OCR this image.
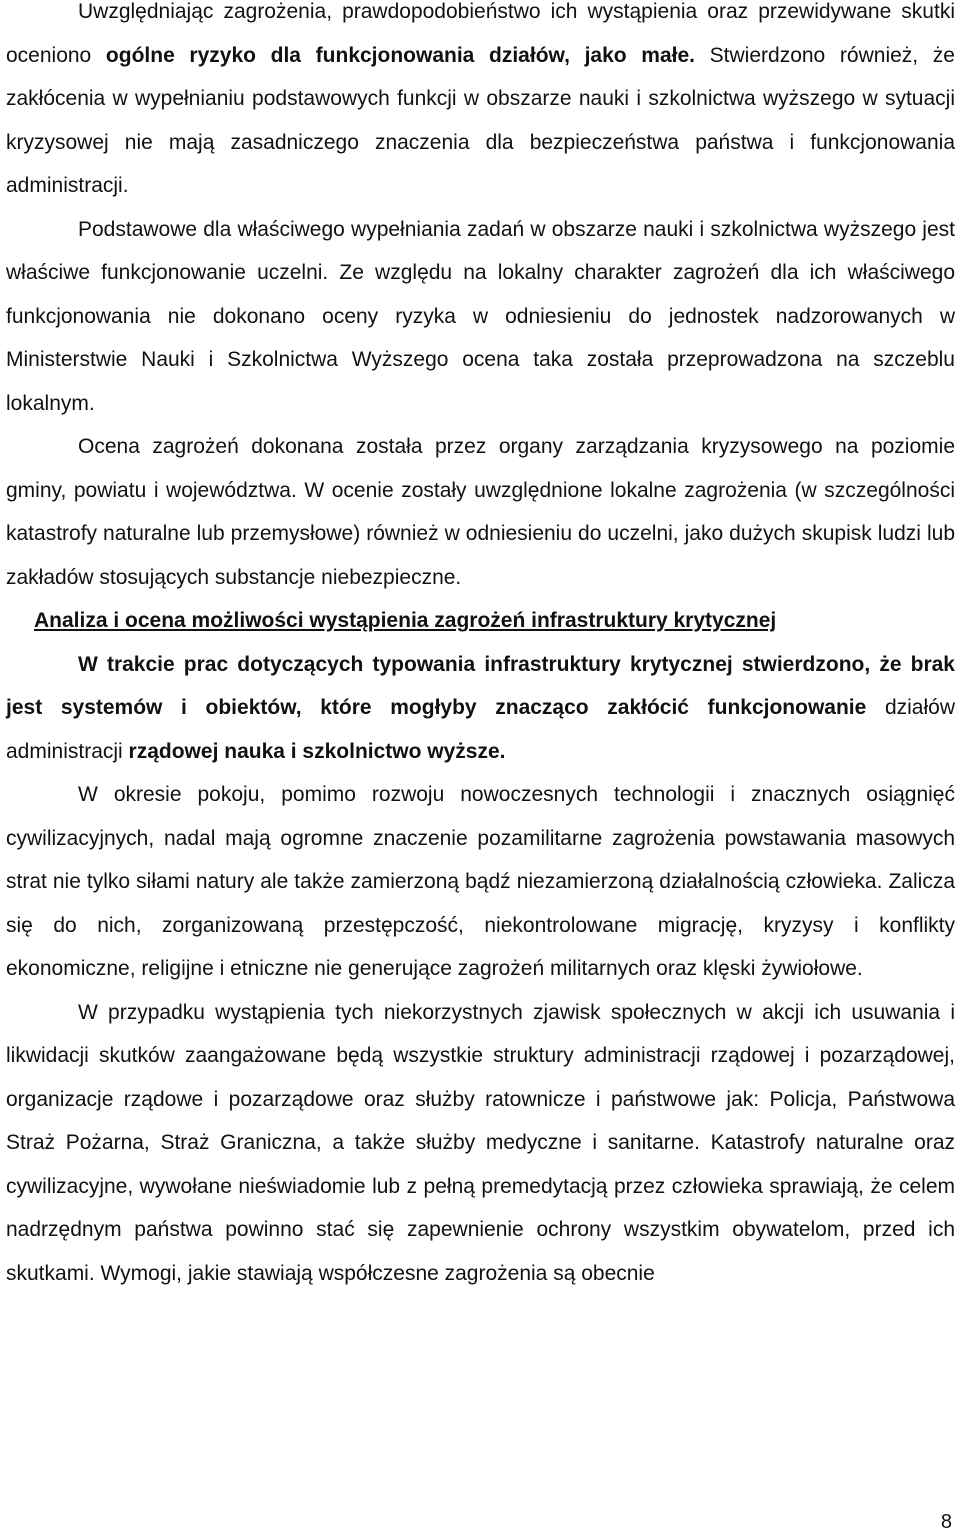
Uwzględniając zagrożenia, prawdopodobieństwo ich wystąpienia oraz przewidywane skutki oceniono ogólne ryzyko dla funkcjonowania działów, jako małe. Stwierdzono również, że zakłócenia w wypełnianiu podstawowych funkcji w obszarze nauki i szkolnictwa wyższego w sytuacji kryzysowej nie mają zasadniczego znaczenia dla bezpieczeństwa państwa i funkcjonowania administracji.

Podstawowe dla właściwego wypełniania zadań w obszarze nauki i szkolnictwa wyższego jest właściwe funkcjonowanie uczelni. Ze względu na lokalny charakter zagrożeń dla ich właściwego funkcjonowania nie dokonano oceny ryzyka w odniesieniu do jednostek nadzorowanych w Ministerstwie Nauki i Szkolnictwa Wyższego ocena taka została przeprowadzona na szczeblu lokalnym.

Ocena zagrożeń dokonana została przez organy zarządzania kryzysowego na poziomie gminy, powiatu i województwa. W ocenie zostały uwzględnione lokalne zagrożenia (w szczególności katastrofy naturalne lub przemysłowe) również w odniesieniu do uczelni, jako dużych skupisk ludzi lub zakładów stosujących substancje niebezpieczne.

Analiza i ocena możliwości wystąpienia zagrożeń infrastruktury krytycznej

W trakcie prac dotyczących typowania infrastruktury krytycznej stwierdzono, że brak jest systemów i obiektów, które mogłyby znacząco zakłócić funkcjonowanie działów administracji rządowej nauka i szkolnictwo wyższe.

W okresie pokoju, pomimo rozwoju nowoczesnych technologii i znacznych osiągnięć cywilizacyjnych, nadal mają ogromne znaczenie pozamilitarne zagrożenia powstawania masowych strat nie tylko siłami natury ale także zamierzoną bądź niezamierzoną działalnością człowieka. Zalicza się do nich, zorganizowaną przestępczość, niekontrolowane migrację, kryzysy i konflikty ekonomiczne, religijne i etniczne nie generujące zagrożeń militarnych oraz klęski żywiołowe.

W przypadku wystąpienia tych niekorzystnych zjawisk społecznych w akcji ich usuwania i likwidacji skutków zaangażowane będą wszystkie struktury administracji rządowej i pozarządowej, organizacje rządowe i pozarządowe oraz służby ratownicze i państwowe jak: Policja, Państwowa Straż Pożarna, Straż Graniczna, a także służby medyczne i sanitarne. Katastrofy naturalne oraz cywilizacyjne, wywołane nieświadomie lub z pełną premedytacją przez człowieka sprawiają, że celem nadrzędnym państwa powinno stać się zapewnienie ochrony wszystkim obywatelom, przed ich skutkami. Wymogi, jakie stawiają współczesne zagrożenia są obecnie

8
